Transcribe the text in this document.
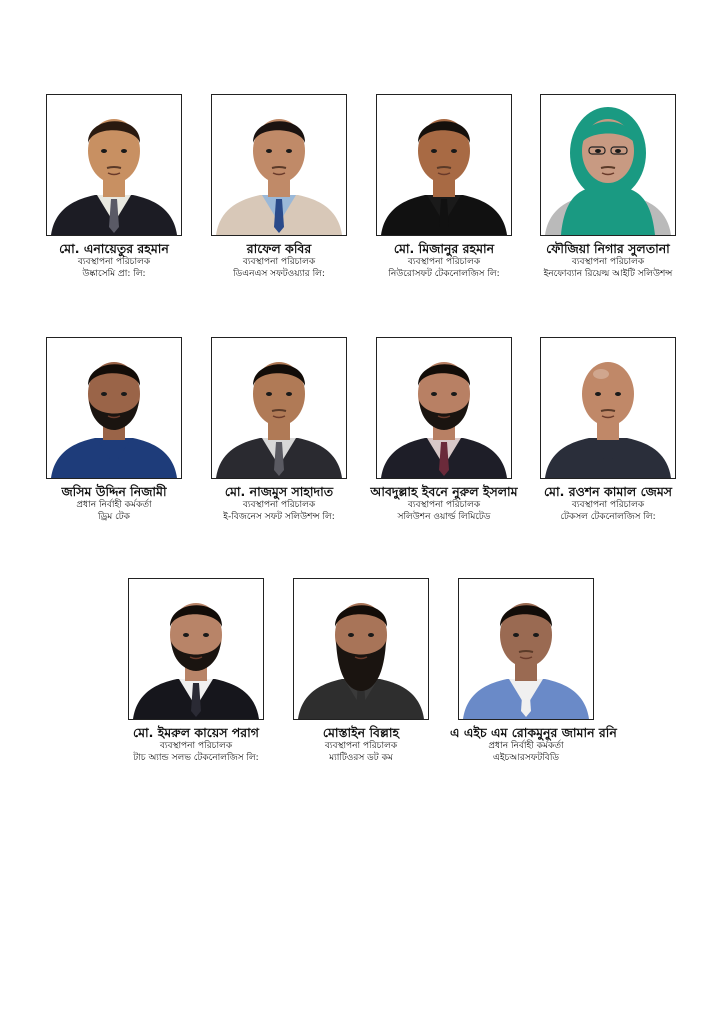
মো. এনায়েতুর রহমান
ব্যবস্থাপনা পরিচালক
উষ্কাসেমি প্রা: লি:
রাফেল কবির
ব্যবস্থাপনা পরিচালক
ডিএনএস সফটওয়্যার লি:
মো. মিজানুর রহমান
ব্যবস্থাপনা পরিচালক
নিউরোসফট টেকনোলজিস লি:
ফৌজিয়া নিগার সুলতানা
ব্যবস্থাপনা পরিচালক
ইনফোব্যান রিয়েল্ম আইটি সলিউশন্স
জসিম উদ্দিন নিজামী
প্রধান নির্বাহী কর্মকর্তা
ড্রিম টেক
মো. নাজমুস সাহাদাত
ব্যবস্থাপনা পরিচালক
ই-বিজনেস সফট সলিউশন্স লি:
আবদুল্লাহ ইবনে নুরুল ইসলাম
ব্যবস্থাপনা পরিচালক
সলিউশন ওয়ার্ল্ড লিমিটেড
মো. রওশন কামাল জেমস
ব্যবস্থাপনা পরিচালক
টেকসল টেকনোলজিস লি:
মো. ইমরুল কায়েস পরাগ
ব্যবস্থাপনা পরিচালক
টাচ অ্যান্ড সলভ টেকনোলজিস লি:
মোস্তাইন বিল্লাহ
ব্যবস্থাপনা পরিচালক
ম্যাটিওরস ডট কম
এ এইচ এম রোকমুনুর জামান রনি
প্রধান নির্বাহী কর্মকর্তা
এইচআরসফটবিডি
